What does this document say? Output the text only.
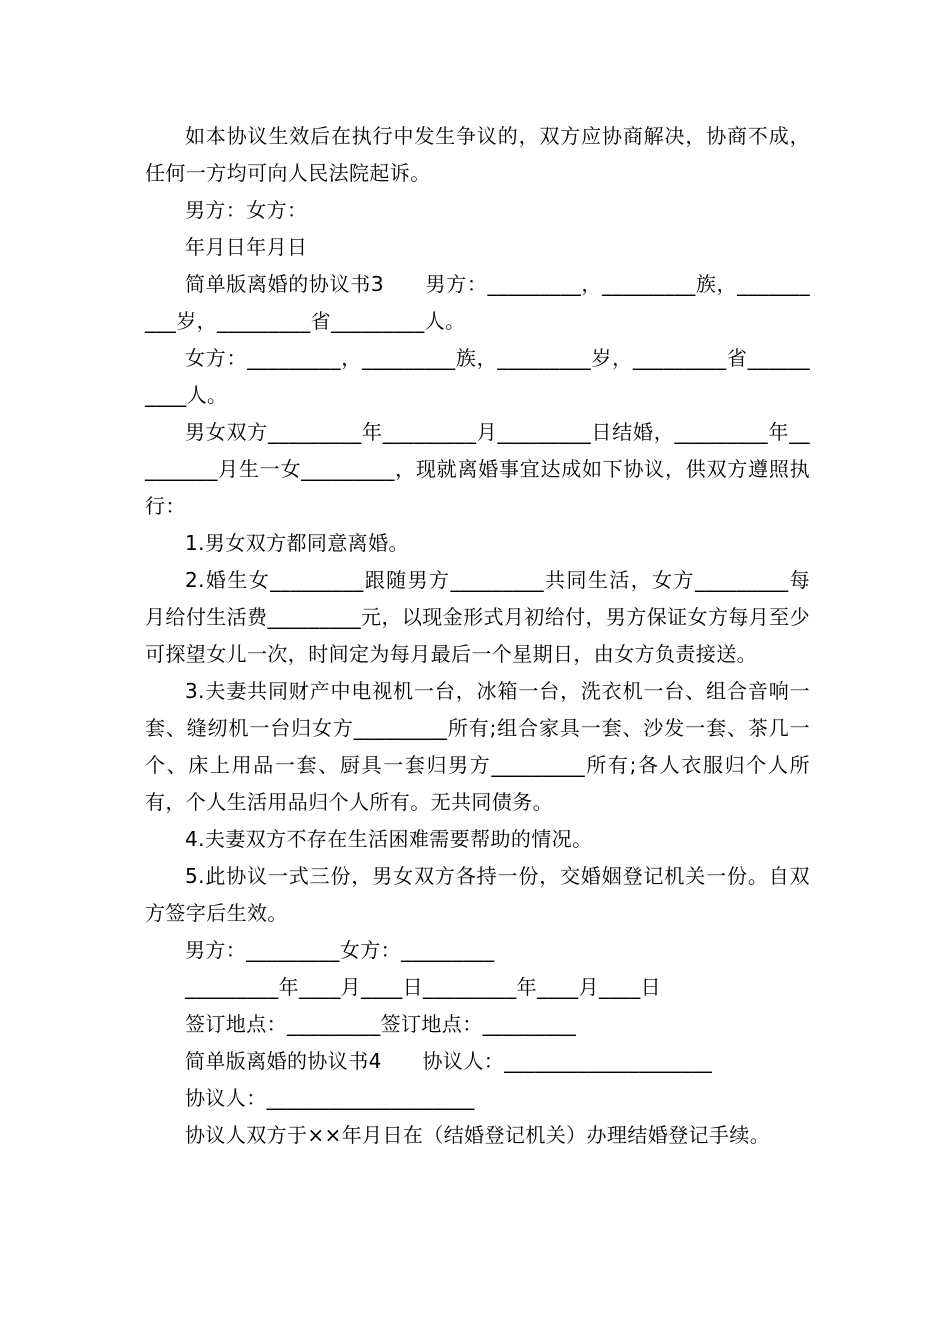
如本协议生效后在执行中发生争议的，双方应协商解决，协商不成，任何一方均可向人民法院起诉。

男方：女方：

年月日年月日

简单版离婚的协议书3　　男方：_________，_________族，__________岁，_________省_________人。

女方：_________，_________族，_________岁，_________省__________人。

男女双方_________年_________月_________日结婚，_________年_________月生一女_________，现就离婚事宜达成如下协议，供双方遵照执行：

1.男女双方都同意离婚。

2.婚生女_________跟随男方_________共同生活，女方_________每月给付生活费_________元，以现金形式月初给付，男方保证女方每月至少可探望女儿一次，时间定为每月最后一个星期日，由女方负责接送。

3.夫妻共同财产中电视机一台，冰箱一台，洗衣机一台、组合音响一套、缝纫机一台归女方_________所有;组合家具一套、沙发一套、茶几一个、床上用品一套、厨具一套归男方_________所有;各人衣服归个人所有，个人生活用品归个人所有。无共同债务。

4.夫妻双方不存在生活困难需要帮助的情况。

5.此协议一式三份，男女双方各持一份，交婚姻登记机关一份。自双方签字后生效。

男方：_________女方：_________

_________年____月____日_________年____月____日

签订地点：_________签订地点：_________

简单版离婚的协议书4　　协议人：____________________

协议人：____________________

协议人双方于××年月日在（结婚登记机关）办理结婚登记手续。
